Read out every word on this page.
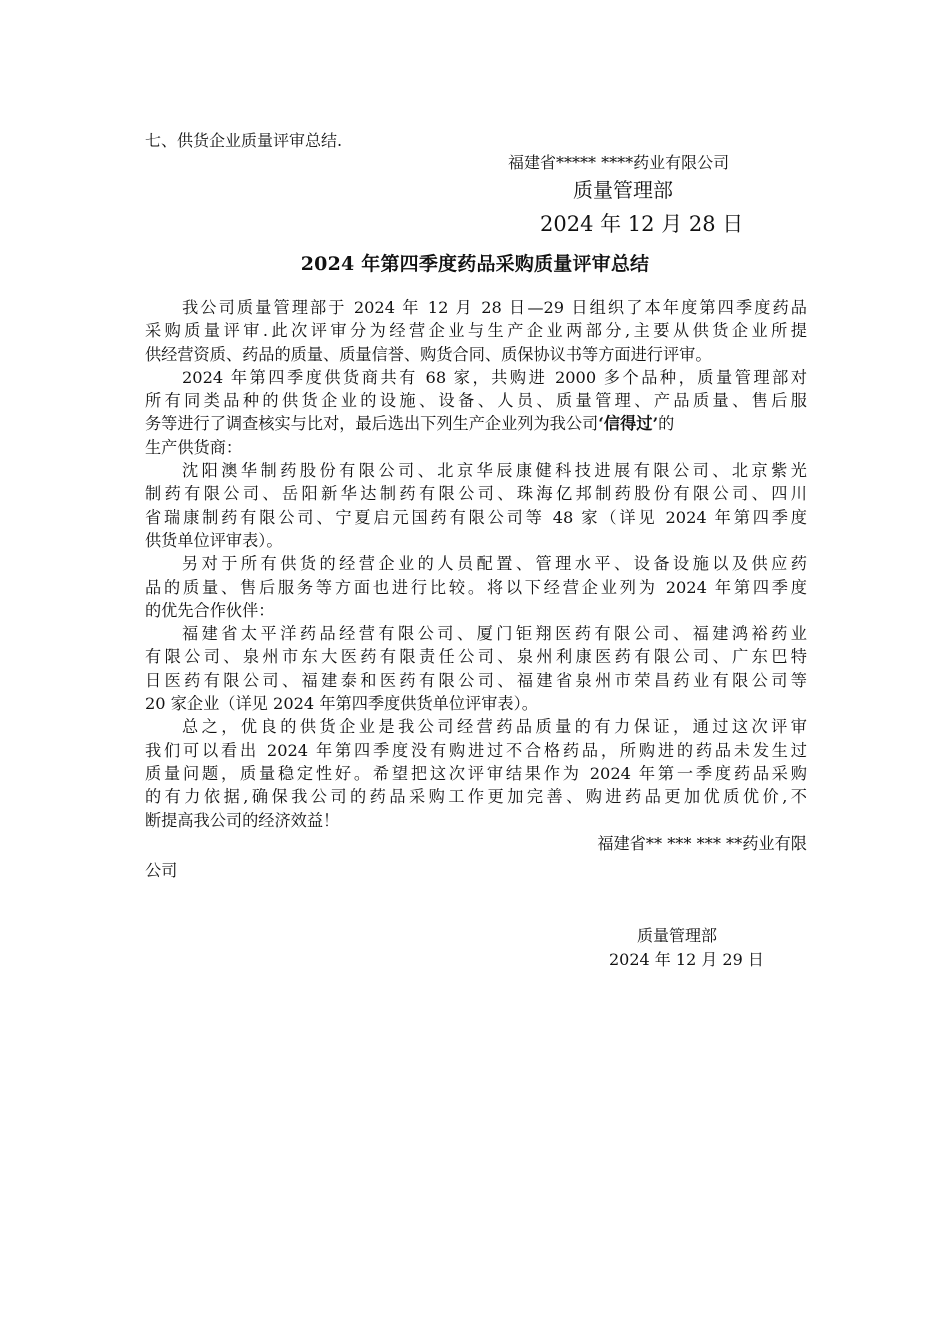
七、供货企业质量评审总结.
福建省***** ****药业有限公司
质量管理部
2024 年 12 月 28 日
2024 年第四季度药品采购质量评审总结
我公司质量管理部于 2024 年 12 月 28 日—29 日组织了本年度第四季度药品
采购质量评审.此次评审分为经营企业与生产企业两部分,主要从供货企业所提
供经营资质、药品的质量、质量信誉、购货合同、质保协议书等方面进行评审。
2024 年第四季度供货商共有 68 家，共购进 2000 多个品种，质量管理部对
所有同类品种的供货企业的设施、设备、人员、质量管理、产品质量、售后服
务等进行了调查核实与比对，最后选出下列生产企业列为我公司‘信得过’的
生产供货商：
沈阳澳华制药股份有限公司、北京华辰康健科技进展有限公司、北京紫光
制药有限公司、岳阳新华达制药有限公司、珠海亿邦制药股份有限公司、四川
省瑞康制药有限公司、宁夏启元国药有限公司等 48 家（详见 2024 年第四季度
供货单位评审表）。
另对于所有供货的经营企业的人员配置、管理水平、设备设施以及供应药
品的质量、售后服务等方面也进行比较。将以下经营企业列为 2024 年第四季度
的优先合作伙伴：
福建省太平洋药品经营有限公司、厦门钜翔医药有限公司、福建鸿裕药业
有限公司、泉州市东大医药有限责任公司、泉州利康医药有限公司、广东巴特
日医药有限公司、福建泰和医药有限公司、福建省泉州市荣昌药业有限公司等
20 家企业（详见 2024 年第四季度供货单位评审表）。
总之，优良的供货企业是我公司经营药品质量的有力保证，通过这次评审
我们可以看出 2024 年第四季度没有购进过不合格药品，所购进的药品未发生过
质量问题，质量稳定性好。希望把这次评审结果作为 2024 年第一季度药品采购
的有力依据,确保我公司的药品采购工作更加完善、购进药品更加优质优价,不
断提高我公司的经济效益！
福建省** *** *** **药业有限
公司
质量管理部
2024 年 12 月 29 日
